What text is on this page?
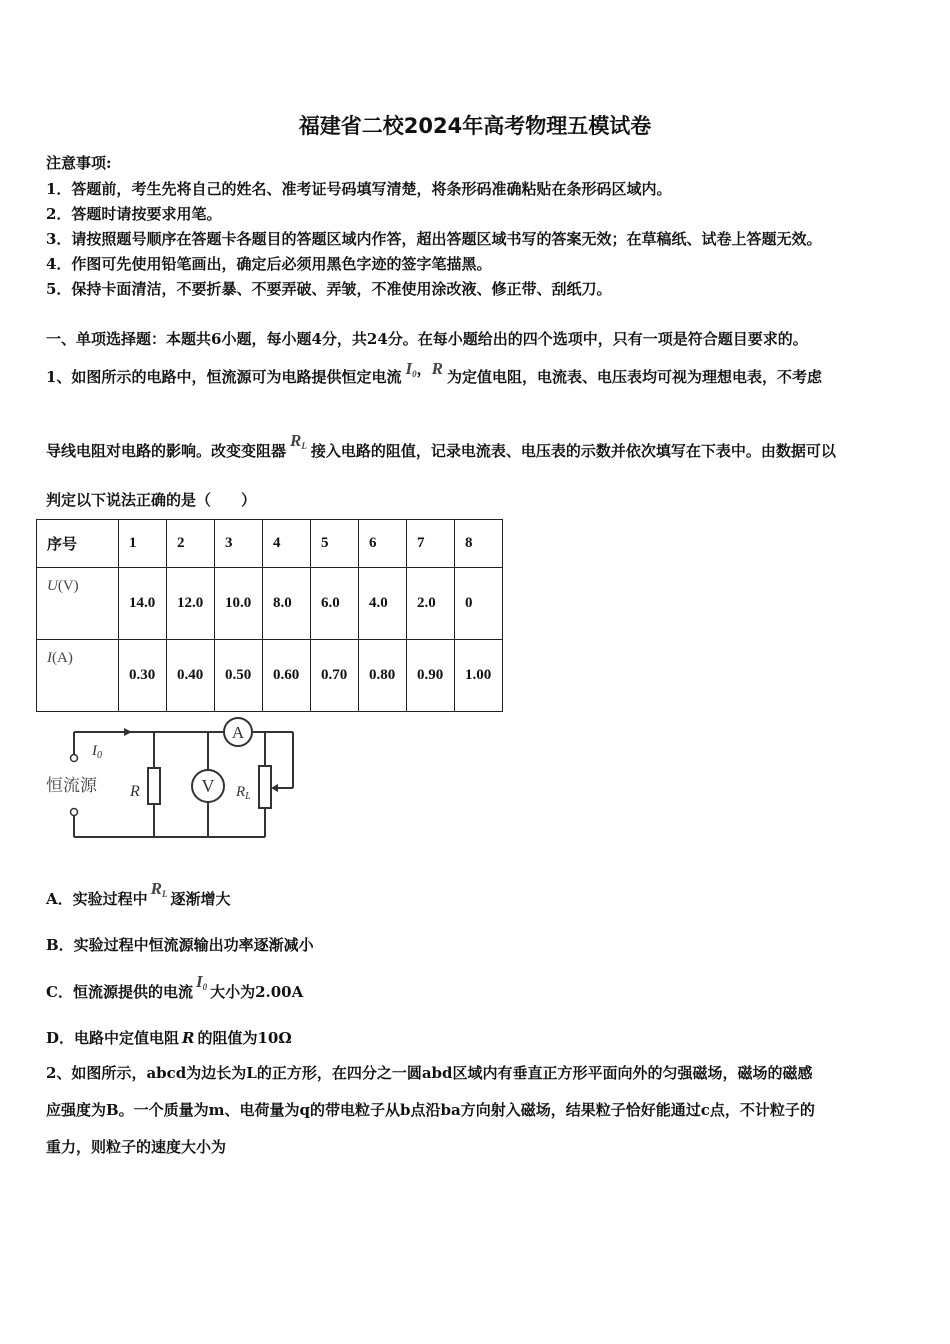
福建省二校2024年高考物理五模试卷
注意事项:
1．答题前，考生先将自己的姓名、准考证号码填写清楚，将条形码准确粘贴在条形码区域内。
2．答题时请按要求用笔。
3．请按照题号顺序在答题卡各题目的答题区域内作答，超出答题区域书写的答案无效；在草稿纸、试卷上答题无效。
4．作图可先使用铅笔画出，确定后必须用黑色字迹的签字笔描黑。
5．保持卡面清洁，不要折暴、不要弄破、弄皱，不准使用涂改液、修正带、刮纸刀。
一、单项选择题：本题共6小题，每小题4分，共24分。在每小题给出的四个选项中，只有一项是符合题目要求的。
1、如图所示的电路中，恒流源可为电路提供恒定电流 $I_0$，R 为定值电阻，电流表、电压表均可视为理想电表，不考虑
导线电阻对电路的影响。改变变阻器$R_L$ 接入电路的阻值，记录电流表、电压表的示数并依次填写在下表中。由数据可以
判定以下说法正确的是（　　）
序号	1	2	3	4	5	6	7	8
U(V)	14.0	12.0	10.0	8.0	6.0	4.0	2.0	0
I(A)	0.30	0.40	0.50	0.60	0.70	0.80	0.90	1.00
恒流源
$I_0$
R	$R_L$
A
V
A．实验过程中$R_L$ 逐渐增大
B．实验过程中恒流源输出功率逐渐减小
C．恒流源提供的电流$I_0$ 大小为2.00A
D．电路中定值电阻 R 的阻值为10Ω
2、如图所示，abcd为边长为L的正方形，在四分之一圆abd区域内有垂直正方形平面向外的匀强磁场，磁场的磁感
应强度为B。一个质量为m、电荷量为q的带电粒子从b点沿ba方向射入磁场，结果粒子恰好能通过c点，不计粒子的
重力，则粒子的速度大小为
